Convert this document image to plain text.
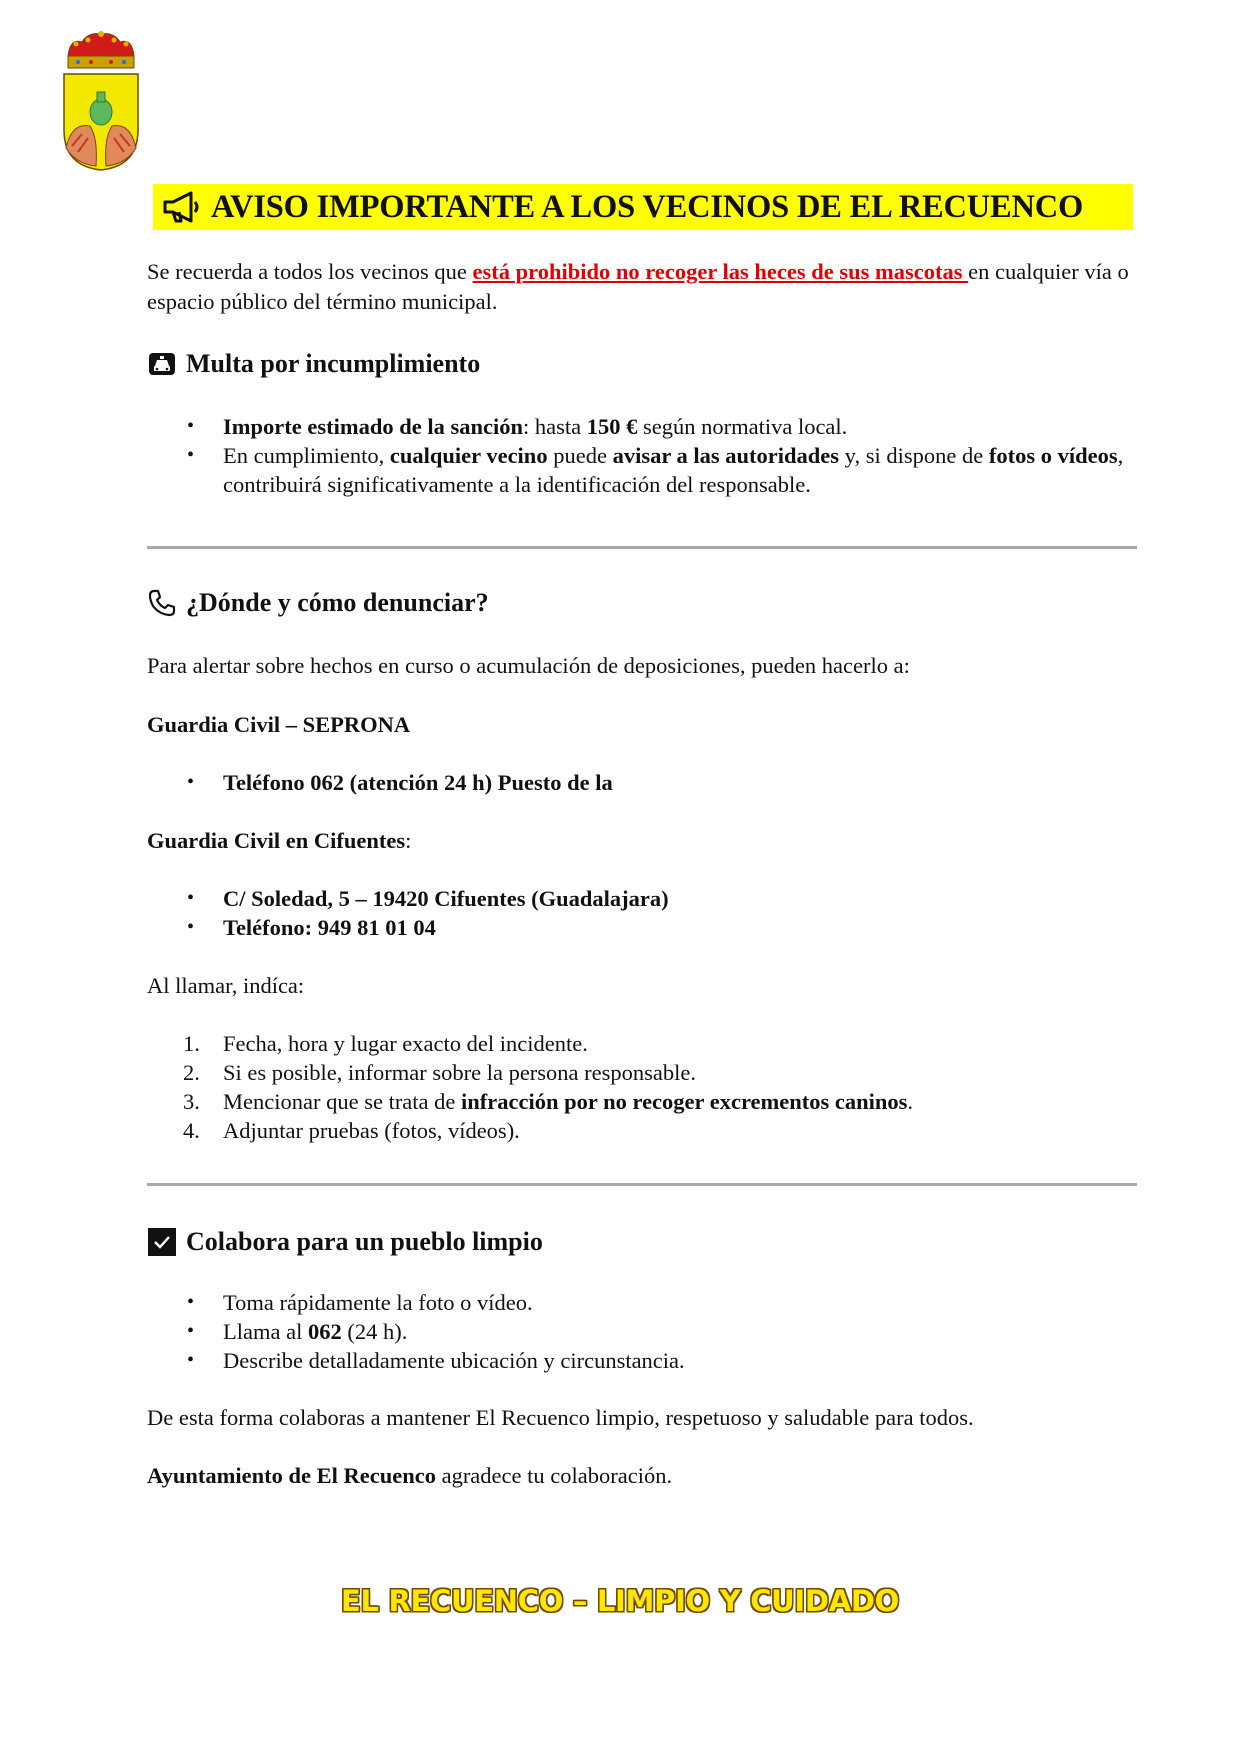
AVISO IMPORTANTE A LOS VECINOS DE EL RECUENCO
Se recuerda a todos los vecinos que está prohibido no recoger las heces de sus mascotas en cualquier vía o espacio público del término municipal.
Multa por incumplimiento
• Importe estimado de la sanción: hasta 150 € según normativa local.
• En cumplimiento, cualquier vecino puede avisar a las autoridades y, si dispone de fotos o vídeos, contribuirá significativamente a la identificación del responsable.
¿Dónde y cómo denunciar?
Para alertar sobre hechos en curso o acumulación de deposiciones, pueden hacerlo a:
Guardia Civil – SEPRONA
• Teléfono 062 (atención 24 h) Puesto de la
Guardia Civil en Cifuentes:
• C/ Soledad, 5 – 19420 Cifuentes (Guadalajara)
• Teléfono: 949 81 01 04
Al llamar, indíca:
1. Fecha, hora y lugar exacto del incidente.
2. Si es posible, informar sobre la persona responsable.
3. Mencionar que se trata de infracción por no recoger excrementos caninos.
4. Adjuntar pruebas (fotos, vídeos).
Colabora para un pueblo limpio
• Toma rápidamente la foto o vídeo.
• Llama al 062 (24 h).
• Describe detalladamente ubicación y circunstancia.
De esta forma colaboras a mantener El Recuenco limpio, respetuoso y saludable para todos.
Ayuntamiento de El Recuenco agradece tu colaboración.
EL RECUENCO – LIMPIO Y CUIDADO
